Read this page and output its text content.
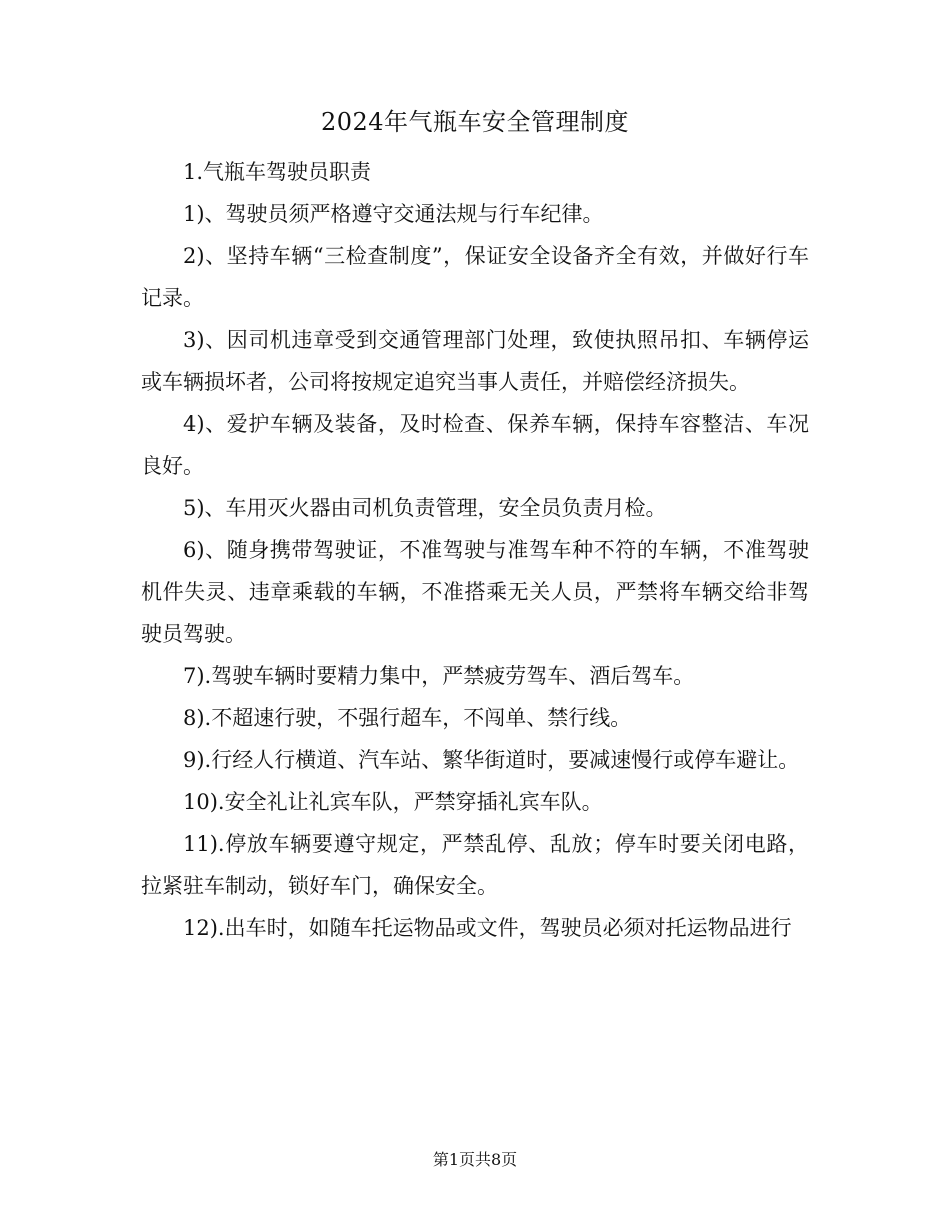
2024年气瓶车安全管理制度

1.气瓶车驾驶员职责

1)、驾驶员须严格遵守交通法规与行车纪律。

2)、坚持车辆“三检查制度”，保证安全设备齐全有效，并做好行车记录。

3)、因司机违章受到交通管理部门处理，致使执照吊扣、车辆停运或车辆损坏者，公司将按规定追究当事人责任，并赔偿经济损失。

4)、爱护车辆及装备，及时检查、保养车辆，保持车容整洁、车况良好。

5)、车用灭火器由司机负责管理，安全员负责月检。

6)、随身携带驾驶证，不准驾驶与准驾车种不符的车辆，不准驾驶机件失灵、违章乘载的车辆，不准搭乘无关人员，严禁将车辆交给非驾驶员驾驶。

7).驾驶车辆时要精力集中，严禁疲劳驾车、酒后驾车。

8).不超速行驶，不强行超车，不闯单、禁行线。

9).行经人行横道、汽车站、繁华街道时，要减速慢行或停车避让。

10).安全礼让礼宾车队，严禁穿插礼宾车队。

11).停放车辆要遵守规定，严禁乱停、乱放；停车时要关闭电路，拉紧驻车制动，锁好车门，确保安全。

12).出车时，如随车托运物品或文件，驾驶员必须对托运物品进行

第1页共8页
